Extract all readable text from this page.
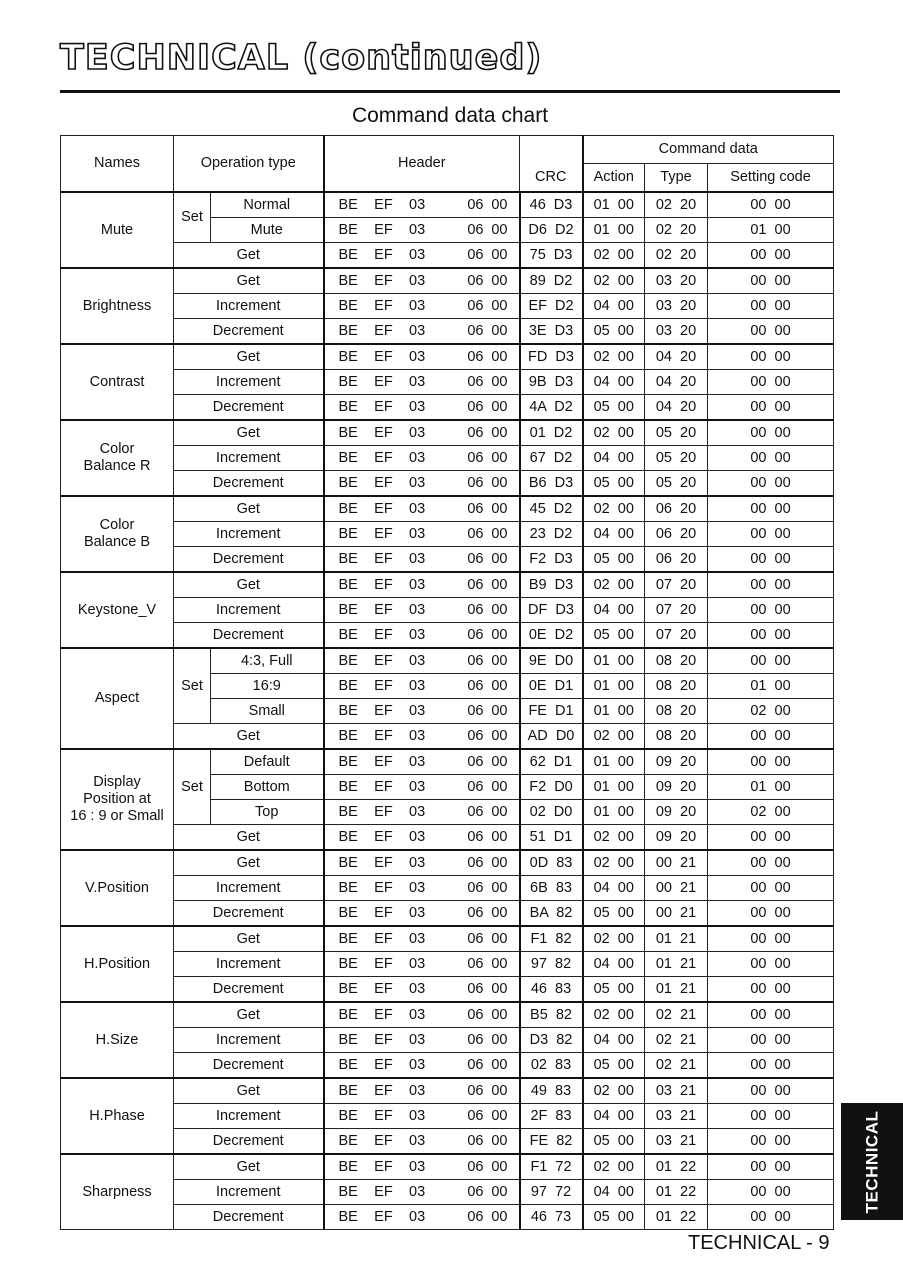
TECHNICAL (continued)
Command data chart
Names	Operation type		Header		Command data		
				CRC	Action	Type	Setting code
Mute	Set	Normal	BE EF 03 06 00	46  D3	01  00	02  20	00  00
		Mute	BE EF 03 06 00	D6  D2	01  00	02  20	01  00
	Get		BE EF 03 06 00	75  D3	02  00	02  20	00  00
Brightness	Get		BE EF 03 06 00	89  D2	02  00	03  20	00  00
	Increment		BE EF 03 06 00	EF  D2	04  00	03  20	00  00
	Decrement		BE EF 03 06 00	3E  D3	05  00	03  20	00  00
Contrast	Get		BE EF 03 06 00	FD  D3	02  00	04  20	00  00
	Increment		BE EF 03 06 00	9B  D3	04  00	04  20	00  00
	Decrement		BE EF 03 06 00	4A  D2	05  00	04  20	00  00
Color
Balance R	Get		BE EF 03 06 00	01  D2	02  00	05  20	00  00
	Increment		BE EF 03 06 00	67  D2	04  00	05  20	00  00
	Decrement		BE EF 03 06 00	B6  D3	05  00	05  20	00  00
Color
Balance B	Get		BE EF 03 06 00	45  D2	02  00	06  20	00  00
	Increment		BE EF 03 06 00	23  D2	04  00	06  20	00  00
	Decrement		BE EF 03 06 00	F2  D3	05  00	06  20	00  00
Keystone_V	Get		BE EF 03 06 00	B9  D3	02  00	07  20	00  00
	Increment		BE EF 03 06 00	DF  D3	04  00	07  20	00  00
	Decrement		BE EF 03 06 00	0E  D2	05  00	07  20	00  00
Aspect	Set	4:3, Full	BE EF 03 06 00	9E  D0	01  00	08  20	00  00
		16:9	BE EF 03 06 00	0E  D1	01  00	08  20	01  00
		Small	BE EF 03 06 00	FE  D1	01  00	08  20	02  00
	Get		BE EF 03 06 00	AD  D0	02  00	08  20	00  00
Display
Position at
16 : 9 or Small	Set	Default	BE EF 03 06 00	62  D1	01  00	09  20	00  00
		Bottom	BE EF 03 06 00	F2  D0	01  00	09  20	01  00
		Top	BE EF 03 06 00	02  D0	01  00	09  20	02  00
	Get		BE EF 03 06 00	51  D1	02  00	09  20	00  00
V.Position	Get		BE EF 03 06 00	0D  83	02  00	00  21	00  00
	Increment		BE EF 03 06 00	6B  83	04  00	00  21	00  00
	Decrement		BE EF 03 06 00	BA  82	05  00	00  21	00  00
H.Position	Get		BE EF 03 06 00	F1  82	02  00	01  21	00  00
	Increment		BE EF 03 06 00	97  82	04  00	01  21	00  00
	Decrement		BE EF 03 06 00	46  83	05  00	01  21	00  00
H.Size	Get		BE EF 03 06 00	B5  82	02  00	02  21	00  00
	Increment		BE EF 03 06 00	D3  82	04  00	02  21	00  00
	Decrement		BE EF 03 06 00	02  83	05  00	02  21	00  00
H.Phase	Get		BE EF 03 06 00	49  83	02  00	03  21	00  00
	Increment		BE EF 03 06 00	2F  83	04  00	03  21	00  00
	Decrement		BE EF 03 06 00	FE  82	05  00	03  21	00  00
Sharpness	Get		BE EF 03 06 00	F1  72	02  00	01  22	00  00
	Increment		BE EF 03 06 00	97  72	04  00	01  22	00  00
	Decrement		BE EF 03 06 00	46  73	05  00	01  22	00  00
TECHNICAL
TECHNICAL - 9
